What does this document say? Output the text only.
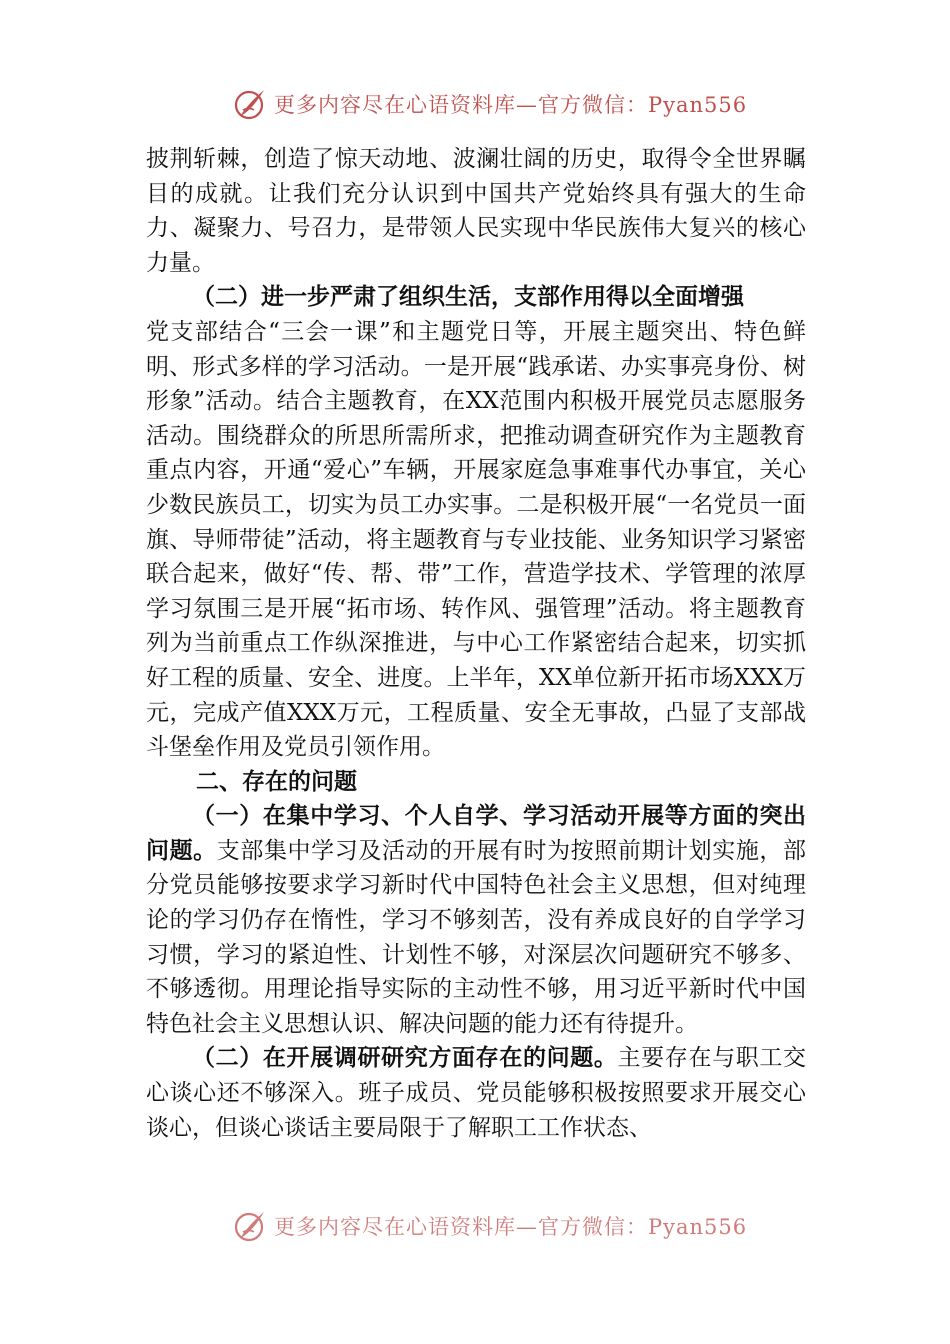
更多内容尽在心语资料库—官方微信：Pyan556

披荆斩棘，创造了惊天动地、波澜壮阔的历史，取得令全世界瞩目的成就。让我们充分认识到中国共产党始终具有强大的生命力、凝聚力、号召力，是带领人民实现中华民族伟大复兴的核心力量。

（二）进一步严肃了组织生活，支部作用得以全面增强

党支部结合“三会一课”和主题党日等，开展主题突出、特色鲜明、形式多样的学习活动。一是开展“践承诺、办实事亮身份、树形象”活动。结合主题教育，在XX范围内积极开展党员志愿服务活动。围绕群众的所思所需所求，把推动调查研究作为主题教育重点内容，开通“爱心”车辆，开展家庭急事难事代办事宜，关心少数民族员工，切实为员工办实事。二是积极开展“一名党员一面旗、导师带徒”活动，将主题教育与专业技能、业务知识学习紧密联合起来，做好“传、帮、带”工作，营造学技术、学管理的浓厚学习氛围三是开展“拓市场、转作风、强管理”活动。将主题教育列为当前重点工作纵深推进，与中心工作紧密结合起来，切实抓好工程的质量、安全、进度。上半年，XX单位新开拓市场XXX万元，完成产值XXX万元，工程质量、安全无事故，凸显了支部战斗堡垒作用及党员引领作用。

二、存在的问题

（一）在集中学习、个人自学、学习活动开展等方面的突出问题。支部集中学习及活动的开展有时为按照前期计划实施，部分党员能够按要求学习新时代中国特色社会主义思想，但对纯理论的学习仍存在惰性，学习不够刻苦，没有养成良好的自学学习习惯，学习的紧迫性、计划性不够，对深层次问题研究不够多、不够透彻。用理论指导实际的主动性不够，用习近平新时代中国特色社会主义思想认识、解决问题的能力还有待提升。

（二）在开展调研研究方面存在的问题。主要存在与职工交心谈心还不够深入。班子成员、党员能够积极按照要求开展交心谈心，但谈心谈话主要局限于了解职工工作状态、

更多内容尽在心语资料库—官方微信：Pyan556
